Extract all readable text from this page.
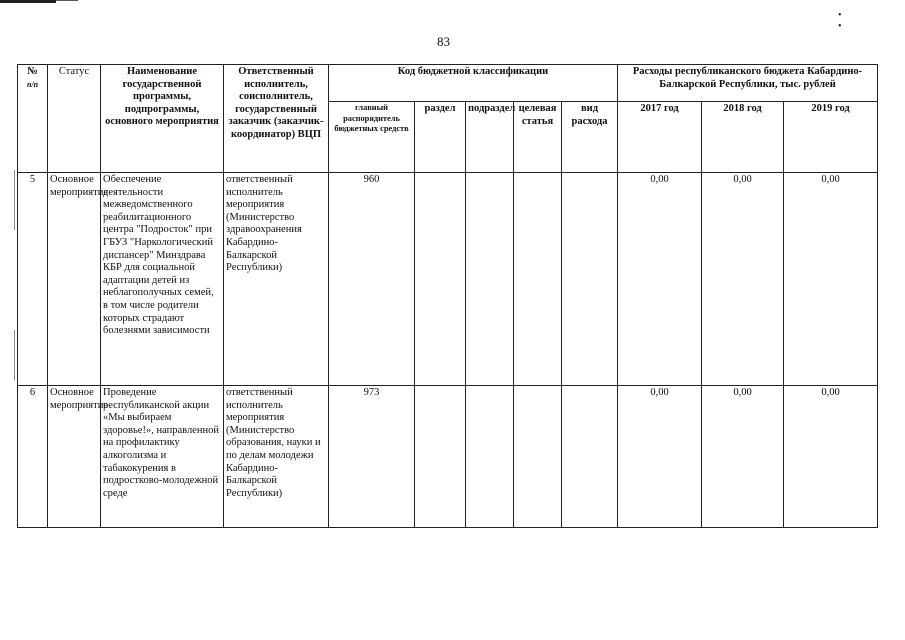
83
• •
№
п/п	Статус	Наименование государственной программы, подпрограммы, основного мероприятия	Ответственный исполнитель, соисполнитель, государственный заказчик (заказчик-координатор) ВЦП	Код бюджетной классификации					Расходы республиканского бюджета Кабардино-Балкарской Республики, тыс. рублей		
				главный распорядитель бюджетных средств	раздел	подраздел	целевая статья	вид расхода	2017 год	2018 год	2019 год
5	Основное мероприятие	Обеспечение деятельности межведомственного реабилитационного центра "Подросток" при ГБУЗ "Наркологический диспансер" Минздрава КБР для социальной адаптации детей из неблагополучных семей, в том числе родители которых страдают болезнями зависимости	ответственный исполнитель мероприятия (Министерство здравоохранения Кабардино-Балкарской Республики)	960					0,00	0,00	0,00
6	Основное мероприятие	Проведение республиканской акции «Мы выбираем здоровье!», направленной на профилактику алкоголизма и табакокурения в подростково-молодежной среде	ответственный исполнитель мероприятия (Министерство образования, науки и по делам молодежи Кабардино-Балкарской Республики)	973					0,00	0,00	0,00
